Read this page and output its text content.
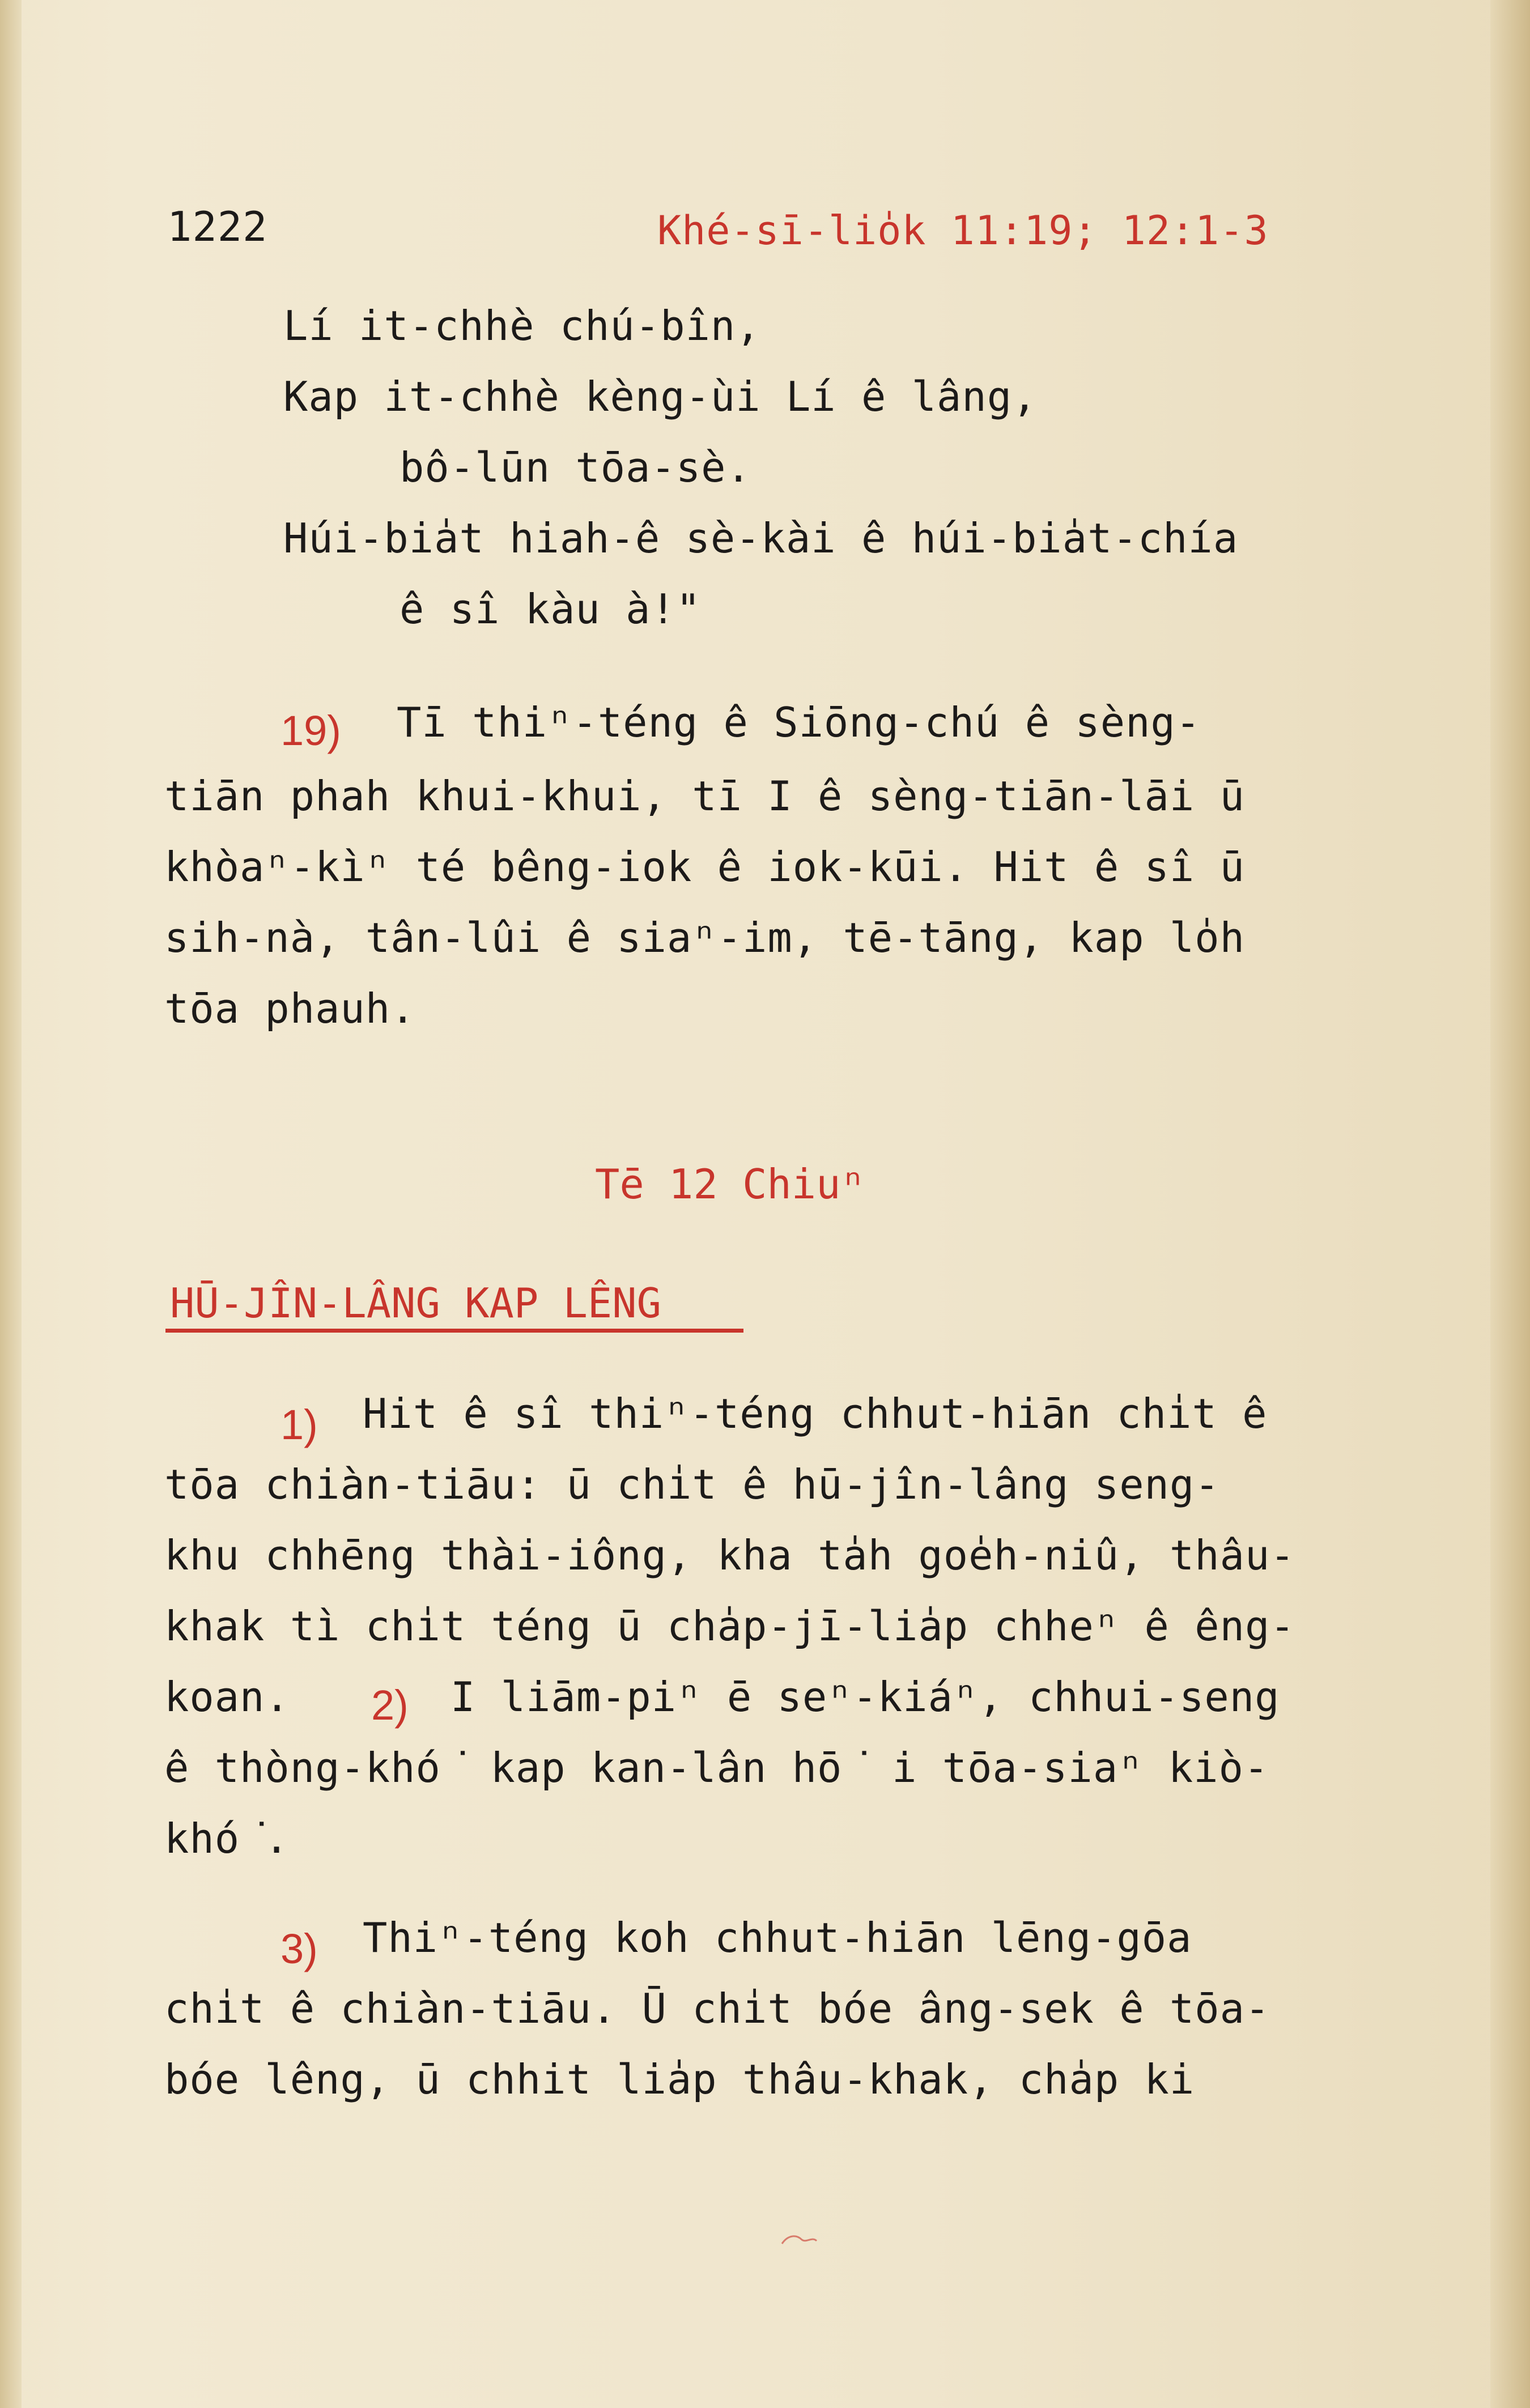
1222	Khé-sī-lio̍k 11:19; 12:1-3
Lí it-chhè chú-bîn,
Kap it-chhè kèng-ùi Lí ê lâng,
bô-lūn tōa-sè.
Húi-bia̍t hiah-ê sè-kài ê húi-bia̍t-chía
ê sî kàu à!"
19) Tī thiⁿ-téng ê Siōng-chú ê sèng-
tiān phah khui-khui, tī I ê sèng-tiān-lāi ū
khòaⁿ-kìⁿ té bêng-iok ê iok-kūi. Hit ê sî ū
sih-nà, tân-lûi ê siaⁿ-im, tē-tāng, kap lo̍h
tōa phauh.
Tē 12 Chiuⁿ
HŪ-JÎN-LÂNG KAP LÊNG
1) Hit ê sî thiⁿ-téng chhut-hiān chi̍t ê
tōa chiàn-tiāu: ū chi̍t ê hū-jîn-lâng seng-
khu chhēng thài-iông, kha ta̍h goe̍h-niû, thâu-
khak tì chi̍t téng ū cha̍p-jī-lia̍p chheⁿ ê êng-
koan. 2) I liām-piⁿ ē seⁿ-kiáⁿ, chhui-seng
ê thòng-khó͘ kap kan-lân hō͘ i tōa-siaⁿ kiò-
khó͘.
3) Thiⁿ-téng koh chhut-hiān lēng-gōa
chi̍t ê chiàn-tiāu. Ū chi̍t bóe âng-sek ê tōa-
bóe lêng, ū chhit lia̍p thâu-khak, cha̍p ki
